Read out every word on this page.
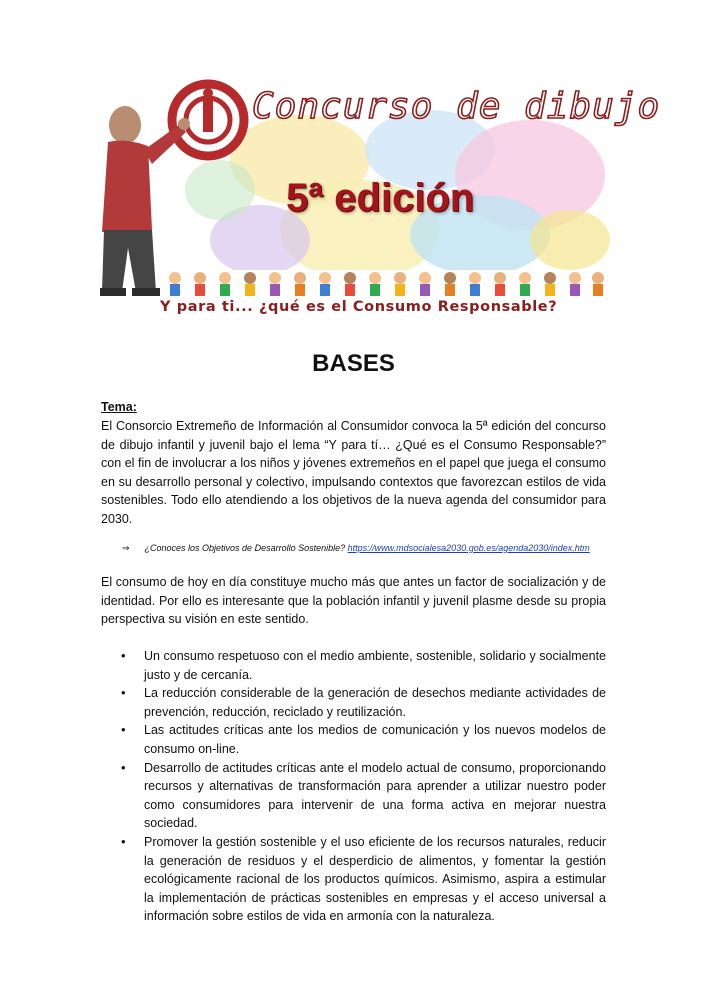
Concurso de dibujo
5ª edición
Y para ti... ¿qué es el Consumo Responsable?
BASES
Tema:
El Consorcio Extremeño de Información al Consumidor convoca la 5ª edición del concurso de dibujo infantil y juvenil bajo el lema “Y para tí… ¿Qué es el Consumo Responsable?” con el fin de involucrar a los niños y jóvenes extremeños en el papel que juega el consumo en su desarrollo personal y colectivo, impulsando contextos que favorezcan estilos de vida sostenibles. Todo ello atendiendo a los objetivos de la nueva agenda del consumidor para 2030.
⇒ ¿Conoces los Objetivos de Desarrollo Sostenible? https://www.mdsocialesa2030.gob.es/agenda2030/index.htm
El consumo de hoy en día constituye mucho más que antes un factor de socialización y de identidad. Por ello es interesante que la población infantil y juvenil plasme desde su propia perspectiva su visión en este sentido.
• Un consumo respetuoso con el medio ambiente, sostenible, solidario y socialmente justo y de cercanía.
• La reducción considerable de la generación de desechos mediante actividades de prevención, reducción, reciclado y reutilización.
• Las actitudes críticas ante los medios de comunicación y los nuevos modelos de consumo on-line.
• Desarrollo de actitudes críticas ante el modelo actual de consumo, proporcionando recursos y alternativas de transformación para aprender a utilizar nuestro poder como consumidores para intervenir de una forma activa en mejorar nuestra sociedad.
• Promover la gestión sostenible y el uso eficiente de los recursos naturales, reducir la generación de residuos y el desperdicio de alimentos, y fomentar la gestión ecológicamente racional de los productos químicos. Asimismo, aspira a estimular la implementación de prácticas sostenibles en empresas y el acceso universal a información sobre estilos de vida en armonía con la naturaleza.
